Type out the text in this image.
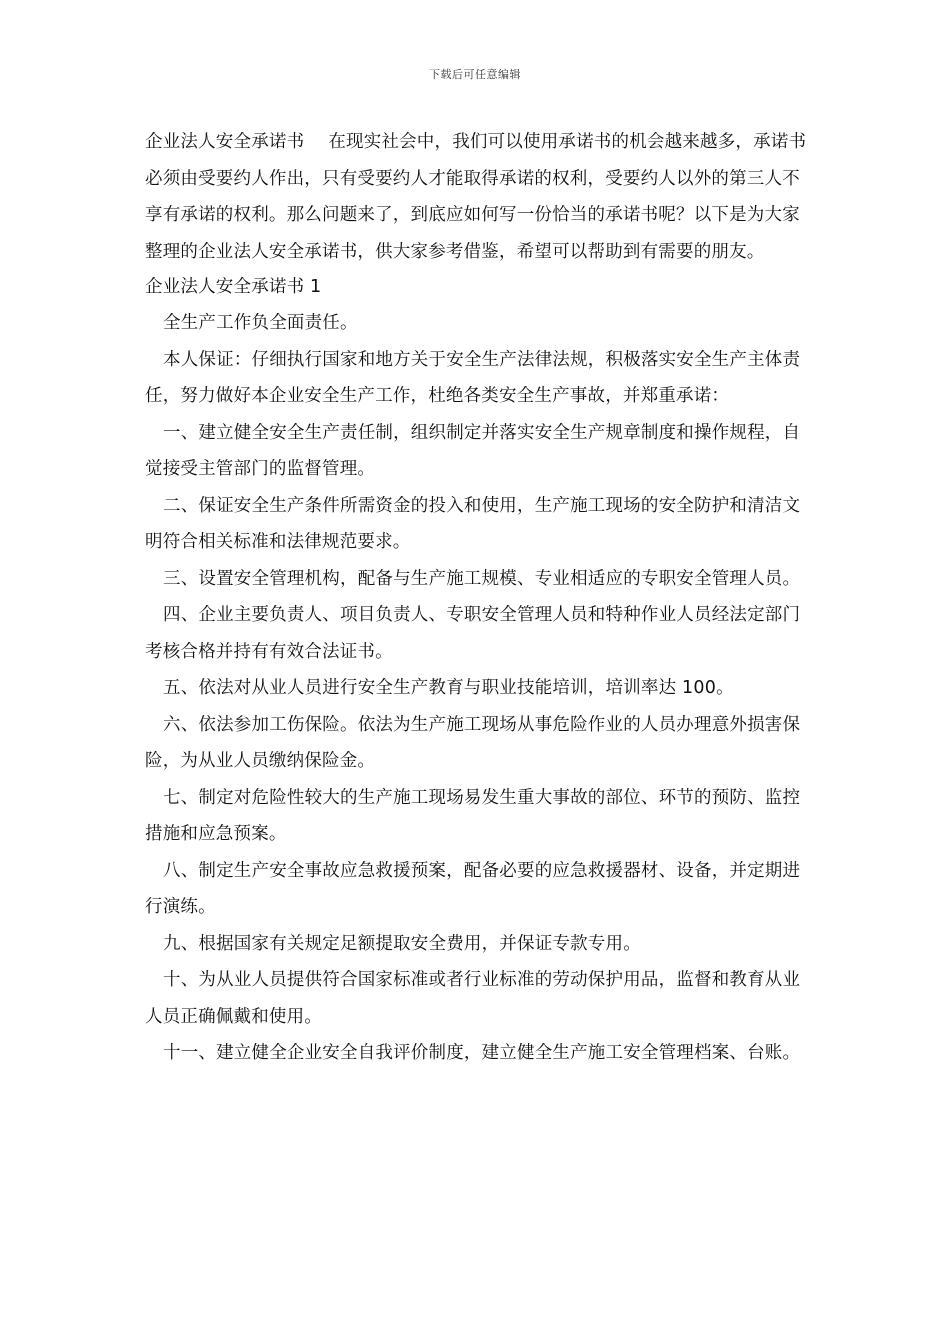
下载后可任意编辑

企业法人安全承诺书 在现实社会中，我们可以使用承诺书的机会越来越多，承诺书必须由受要约人作出，只有受要约人才能取得承诺的权利，受要约人以外的第三人不享有承诺的权利。那么问题来了，到底应如何写一份恰当的承诺书呢？以下是为大家整理的企业法人安全承诺书，供大家参考借鉴，希望可以帮助到有需要的朋友。

企业法人安全承诺书 1

全生产工作负全面责任。

本人保证：仔细执行国家和地方关于安全生产法律法规，积极落实安全生产主体责任，努力做好本企业安全生产工作，杜绝各类安全生产事故，并郑重承诺：

一、建立健全安全生产责任制，组织制定并落实安全生产规章制度和操作规程，自觉接受主管部门的监督管理。

二、保证安全生产条件所需资金的投入和使用，生产施工现场的安全防护和清洁文明符合相关标准和法律规范要求。

三、设置安全管理机构，配备与生产施工规模、专业相适应的专职安全管理人员。

四、企业主要负责人、项目负责人、专职安全管理人员和特种作业人员经法定部门考核合格并持有有效合法证书。

五、依法对从业人员进行安全生产教育与职业技能培训，培训率达 100。

六、依法参加工伤保险。依法为生产施工现场从事危险作业的人员办理意外损害保险，为从业人员缴纳保险金。

七、制定对危险性较大的生产施工现场易发生重大事故的部位、环节的预防、监控措施和应急预案。

八、制定生产安全事故应急救援预案，配备必要的应急救援器材、设备，并定期进行演练。

九、根据国家有关规定足额提取安全费用，并保证专款专用。

十、为从业人员提供符合国家标准或者行业标准的劳动保护用品，监督和教育从业人员正确佩戴和使用。

十一、建立健全企业安全自我评价制度，建立健全生产施工安全管理档案、台账。
